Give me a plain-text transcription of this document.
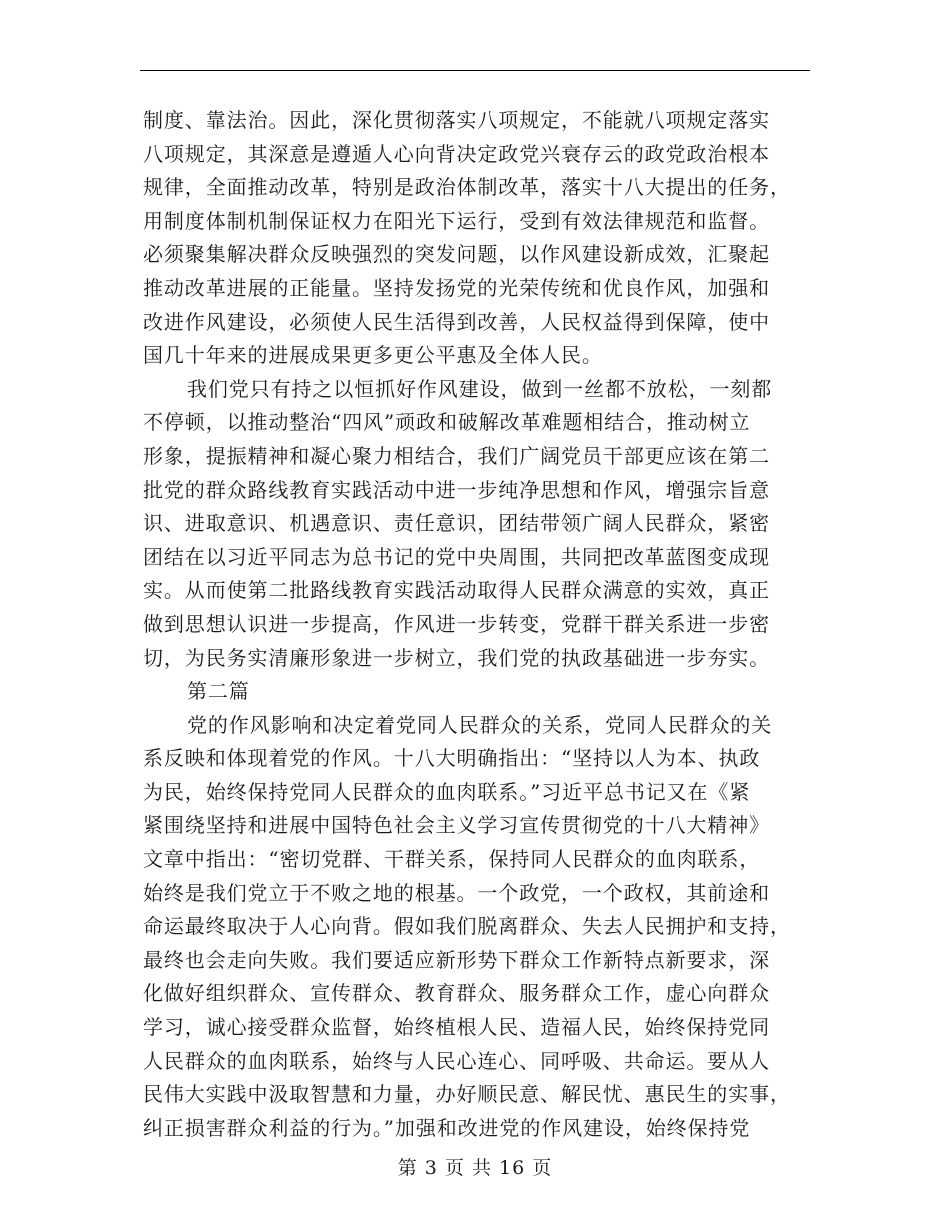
制度、靠法治。因此，深化贯彻落实八项规定，不能就八项规定落实
八项规定，其深意是遵遁人心向背决定政党兴衰存云的政党政治根本
规律，全面推动改革，特别是政治体制改革，落实十八大提出的任务，
用制度体制机制保证权力在阳光下运行，受到有效法律规范和监督。
必须聚集解决群众反映强烈的突发问题，以作风建设新成效，汇聚起
推动改革进展的正能量。坚持发扬党的光荣传统和优良作风，加强和
改进作风建设，必须使人民生活得到改善，人民权益得到保障，使中
国几十年来的进展成果更多更公平惠及全体人民。
我们党只有持之以恒抓好作风建设，做到一丝都不放松，一刻都
不停顿，以推动整治“四风”顽政和破解改革难题相结合，推动树立
形象，提振精神和凝心聚力相结合，我们广阔党员干部更应该在第二
批党的群众路线教育实践活动中进一步纯净思想和作风，增强宗旨意
识、进取意识、机遇意识、责任意识，团结带领广阔人民群众，紧密
团结在以习近平同志为总书记的党中央周围，共同把改革蓝图变成现
实。从而使第二批路线教育实践活动取得人民群众满意的实效，真正
做到思想认识进一步提高，作风进一步转变，党群干群关系进一步密
切，为民务实清廉形象进一步树立，我们党的执政基础进一步夯实。
第二篇
党的作风影响和决定着党同人民群众的关系，党同人民群众的关
系反映和体现着党的作风。十八大明确指出：“坚持以人为本、执政
为民，始终保持党同人民群众的血肉联系。”习近平总书记又在《紧
紧围绕坚持和进展中国特色社会主义学习宣传贯彻党的十八大精神》
文章中指出：“密切党群、干群关系，保持同人民群众的血肉联系，
始终是我们党立于不败之地的根基。一个政党，一个政权，其前途和
命运最终取决于人心向背。假如我们脱离群众、失去人民拥护和支持，
最终也会走向失败。我们要适应新形势下群众工作新特点新要求，深
化做好组织群众、宣传群众、教育群众、服务群众工作，虚心向群众
学习，诚心接受群众监督，始终植根人民、造福人民，始终保持党同
人民群众的血肉联系，始终与人民心连心、同呼吸、共命运。要从人
民伟大实践中汲取智慧和力量，办好顺民意、解民忧、惠民生的实事，
纠正损害群众利益的行为。”加强和改进党的作风建设，始终保持党
第 3 页 共 16 页
